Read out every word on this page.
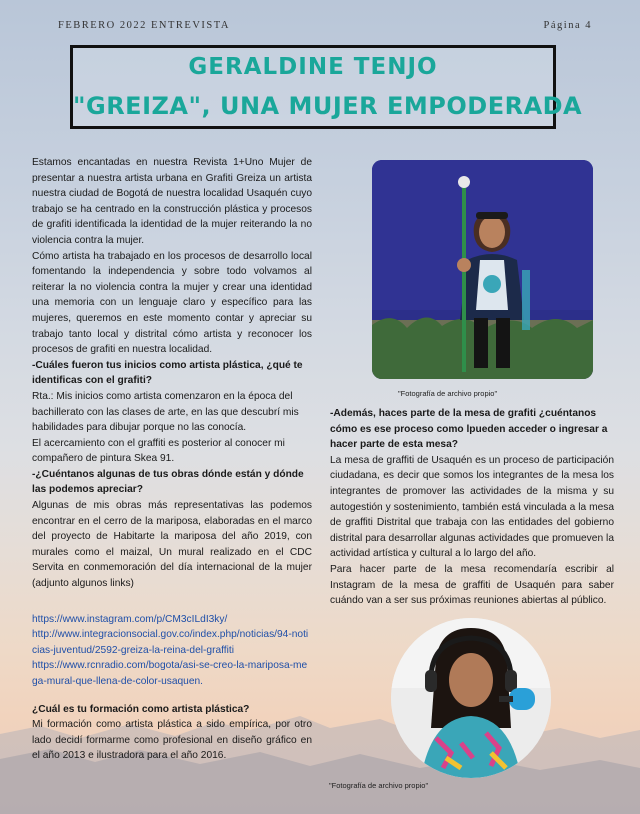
FEBRERO 2022 ENTREVISTA	Página 4
GERALDINE TENJO
"GREIZA", UNA MUJER EMPODERADA

Estamos encantadas en nuestra Revista 1+Uno Mujer de presentar a nuestra artista urbana en Grafiti Greiza un artista nuestra ciudad de Bogotá de nuestra localidad Usaquén cuyo trabajo se ha centrado en la construcción plástica y procesos de grafiti identificada la identidad de la mujer reiterando la no violencia contra la mujer.

Cómo artista ha trabajado en los procesos de desarrollo local fomentando la independencia y sobre todo volvamos al reiterar la no violencia contra la mujer y crear una identidad una memoria con un lenguaje claro y específico para las mujeres, queremos en este momento contar y apreciar su trabajo tanto local y distrital cómo artista y reconocer los procesos de grafiti en nuestra localidad.

-Cuáles fueron tus inicios como artista plástica, ¿qué te identificas con el grafiti?

Rta.: Mis inicios como artista comenzaron en la época del bachillerato con las clases de arte, en las que descubrí mis habilidades para dibujar porque no las conocía.

El acercamiento con el graffiti es posterior al conocer mi compañero de pintura Skea 91.

-¿Cuéntanos algunas de tus obras dónde están y dónde las podemos apreciar?

Algunas de mis obras más representativas las podemos encontrar en el cerro de la mariposa, elaboradas en el marco del proyecto de Habitarte la mariposa del año 2019, con murales como el maizal, Un mural realizado en el CDC Servita en conmemoración del día internacional de la mujer (adjunto algunos links)

https://www.instagram.com/p/CM3cILdI3ky/
http://www.integracionsocial.gov.co/index.php/noticias/94-noticias-juventud/2592-greiza-la-reina-del-graffiti
https://www.rcnradio.com/bogota/asi-se-creo-la-mariposa-mega-mural-que-llena-de-color-usaquen.

¿Cuál es tu formación como artista plástica?

Mi formación como artista plástica a sido empírica, por otro lado decidí formarme como profesional en diseño gráfico en el año 2013 e ilustradora para el año 2016.

"Fotografía de archivo propio"

-Además, haces parte de la mesa de grafiti ¿cuéntanos cómo es ese proceso como lpueden acceder o ingresar a hacer parte de esta mesa?

La mesa de graffiti de Usaquén es un proceso de participación ciudadana, es decir que somos los integrantes de la mesa los integrantes de promover las actividades de la misma y su autogestión y sostenimiento, también está vinculada a la mesa de graffiti Distrital que trabaja con las entidades del gobierno distrital para desarrollar algunas actividades que promueven la actividad artística y cultural a lo largo del año.

Para hacer parte de la mesa recomendaría escribir al Instagram de la mesa de graffiti de Usaquén para saber cuándo van a ser sus próximas reuniones abiertas al público.

"Fotografía de archivo propio"
